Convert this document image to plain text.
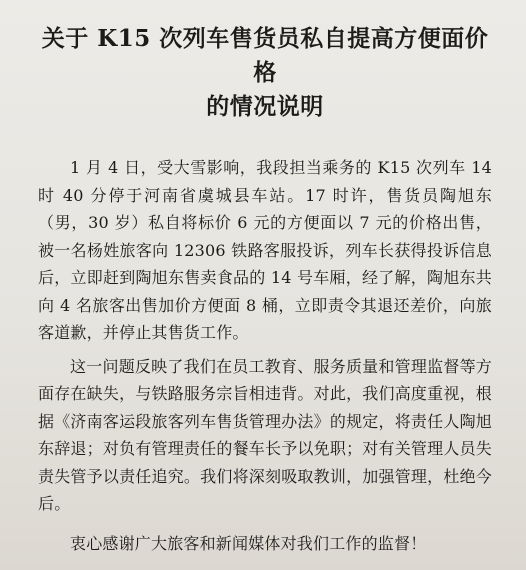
关于 K15 次列车售货员私自提高方便面价格
的情况说明

1 月 4 日，受大雪影响，我段担当乘务的 K15 次列车 14 时 40 分停于河南省虞城县车站。17 时许，售货员陶旭东（男，30 岁）私自将标价 6 元的方便面以 7 元的价格出售，被一名杨姓旅客向 12306 铁路客服投诉，列车长获得投诉信息后，立即赶到陶旭东售卖食品的 14 号车厢，经了解，陶旭东共向 4 名旅客出售加价方便面 8 桶，立即责令其退还差价，向旅客道歉，并停止其售货工作。

这一问题反映了我们在员工教育、服务质量和管理监督等方面存在缺失，与铁路服务宗旨相违背。对此，我们高度重视，根据《济南客运段旅客列车售货管理办法》的规定，将责任人陶旭东辞退；对负有管理责任的餐车长予以免职；对有关管理人员失责失管予以责任追究。我们将深刻吸取教训，加强管理，杜绝今后。

衷心感谢广大旅客和新闻媒体对我们工作的监督！
